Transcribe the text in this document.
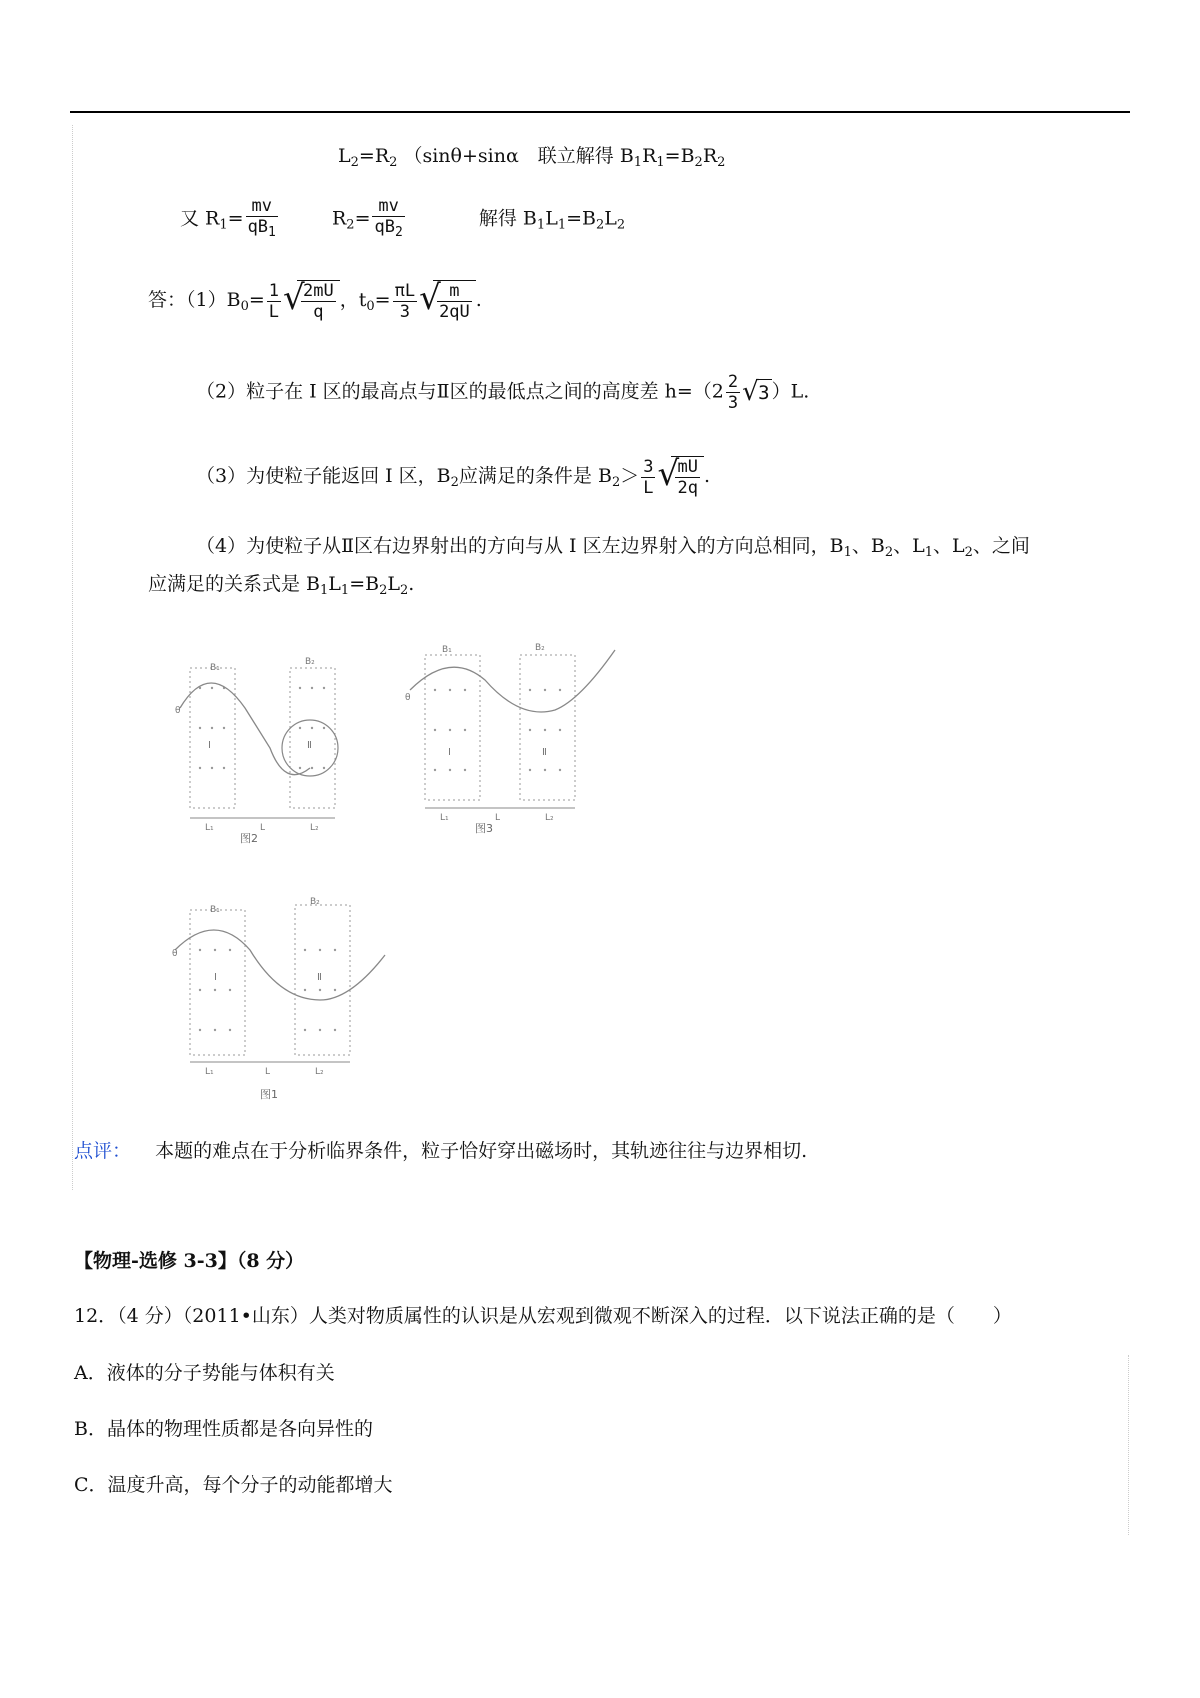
$L_2=R_2$ （sinθ+sinα　联立解得 $B_1R_1=B_2R_2$
又 $R_1= \frac{mv}{qB_1}$	$R_2= \frac{mv}{qB_2}$	解得 $B_1L_1=B_2L_2$
答：$(1)B_0= \frac{1}{L}$ √
$\frac{2mU}{q}$ ，$t_0= \frac{\pi L}{3}$ √
$\frac{m}{2qU}$ .
（2）粒子在 I 区的最高点与Ⅱ区的最低点之间的高度差 $h=(2 \frac{2}{3}$ √ 3 ）L.
（3）为使粒子能返回 I 区，$B_2$应满足的条件是 $B_2> \frac{3}{L}$ √
$\frac{mU}{2q}$ .
（4）为使粒子从Ⅱ区右边界射出的方向与从 I 区左边界射入的方向总相同，$B_1$、$B_2$、$L_1$、$L_2$、之间
应满足的关系式是 $B_1L_1=B_2L_2$.
B₁
B₂
I	Ⅱ
θ
L₁	L	L₂
图2
B₁	B₂
I	Ⅱ
θ
L₁	L	L₂
图3
B₁
B₂
I	Ⅱ
θ
L₁	L	L₂
图1
点评： 本题的难点在于分析临界条件，粒子恰好穿出磁场时，其轨迹往往与边界相切.
【物理-选修 3-3】（8 分）
12．（4 分）（2011•山东）人类对物质属性的认识是从宏观到微观不断深入的过程．以下说法正确的是（　　）
A．液体的分子势能与体积有关
B．晶体的物理性质都是各向异性的
C．温度升高，每个分子的动能都增大
